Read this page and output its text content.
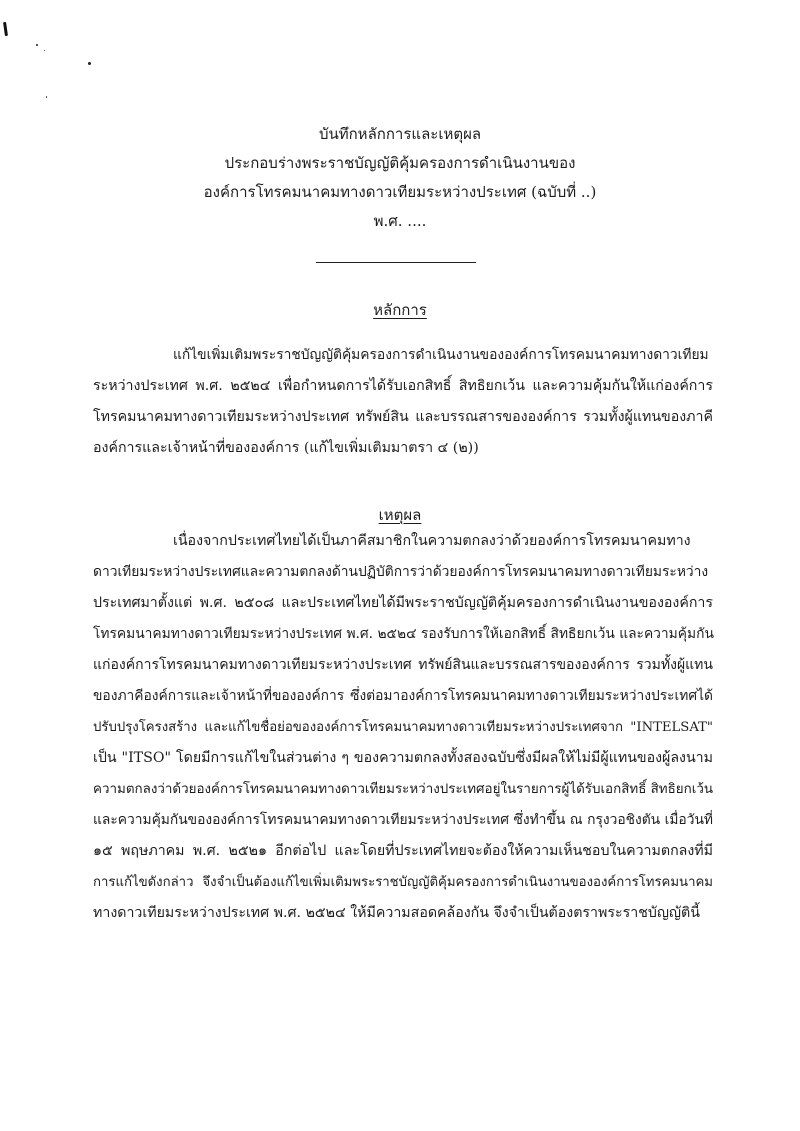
บันทึกหลักการและเหตุผล
ประกอบร่างพระราชบัญญัติคุ้มครองการดำเนินงานของ
องค์การโทรคมนาคมทางดาวเทียมระหว่างประเทศ (ฉบับที่ ..)
พ.ศ. ....
หลักการ
แก้ไขเพิ่มเติมพระราชบัญญัติคุ้มครองการดำเนินงานขององค์การโทรคมนาคมทางดาวเทียม
ระหว่างประเทศ พ.ศ. ๒๕๒๔ เพื่อกำหนดการได้รับเอกสิทธิ์ สิทธิยกเว้น และความคุ้มกันให้แก่องค์การ
โทรคมนาคมทางดาวเทียมระหว่างประเทศ ทรัพย์สิน และบรรณสารขององค์การ รวมทั้งผู้แทนของภาคี
องค์การและเจ้าหน้าที่ขององค์การ (แก้ไขเพิ่มเติมมาตรา ๔ (๒))
เหตุผล
เนื่องจากประเทศไทยได้เป็นภาคีสมาชิกในความตกลงว่าด้วยองค์การโทรคมนาคมทาง
ดาวเทียมระหว่างประเทศและความตกลงด้านปฏิบัติการว่าด้วยองค์การโทรคมนาคมทางดาวเทียมระหว่าง
ประเทศมาตั้งแต่ พ.ศ. ๒๕๐๘ และประเทศไทยได้มีพระราชบัญญัติคุ้มครองการดำเนินงานขององค์การ
โทรคมนาคมทางดาวเทียมระหว่างประเทศ พ.ศ. ๒๕๒๔ รองรับการให้เอกสิทธิ์ สิทธิยกเว้น และความคุ้มกัน
แก่องค์การโทรคมนาคมทางดาวเทียมระหว่างประเทศ ทรัพย์สินและบรรณสารขององค์การ รวมทั้งผู้แทน
ของภาคีองค์การและเจ้าหน้าที่ขององค์การ ซึ่งต่อมาองค์การโทรคมนาคมทางดาวเทียมระหว่างประเทศได้
ปรับปรุงโครงสร้าง และแก้ไขชื่อย่อขององค์การโทรคมนาคมทางดาวเทียมระหว่างประเทศจาก "INTELSAT"
เป็น "ITSO" โดยมีการแก้ไขในส่วนต่าง ๆ ของความตกลงทั้งสองฉบับซึ่งมีผลให้ไม่มีผู้แทนของผู้ลงนาม
ความตกลงว่าด้วยองค์การโทรคมนาคมทางดาวเทียมระหว่างประเทศอยู่ในรายการผู้ได้รับเอกสิทธิ์ สิทธิยกเว้น
และความคุ้มกันขององค์การโทรคมนาคมทางดาวเทียมระหว่างประเทศ ซึ่งทำขึ้น ณ กรุงวอชิงตัน เมื่อวันที่
๑๕ พฤษภาคม พ.ศ. ๒๕๒๑ อีกต่อไป และโดยที่ประเทศไทยจะต้องให้ความเห็นชอบในความตกลงที่มี
การแก้ไขดังกล่าว จึงจำเป็นต้องแก้ไขเพิ่มเติมพระราชบัญญัติคุ้มครองการดำเนินงานขององค์การโทรคมนาคม
ทางดาวเทียมระหว่างประเทศ พ.ศ. ๒๕๒๔ ให้มีความสอดคล้องกัน จึงจำเป็นต้องตราพระราชบัญญัตินี้
